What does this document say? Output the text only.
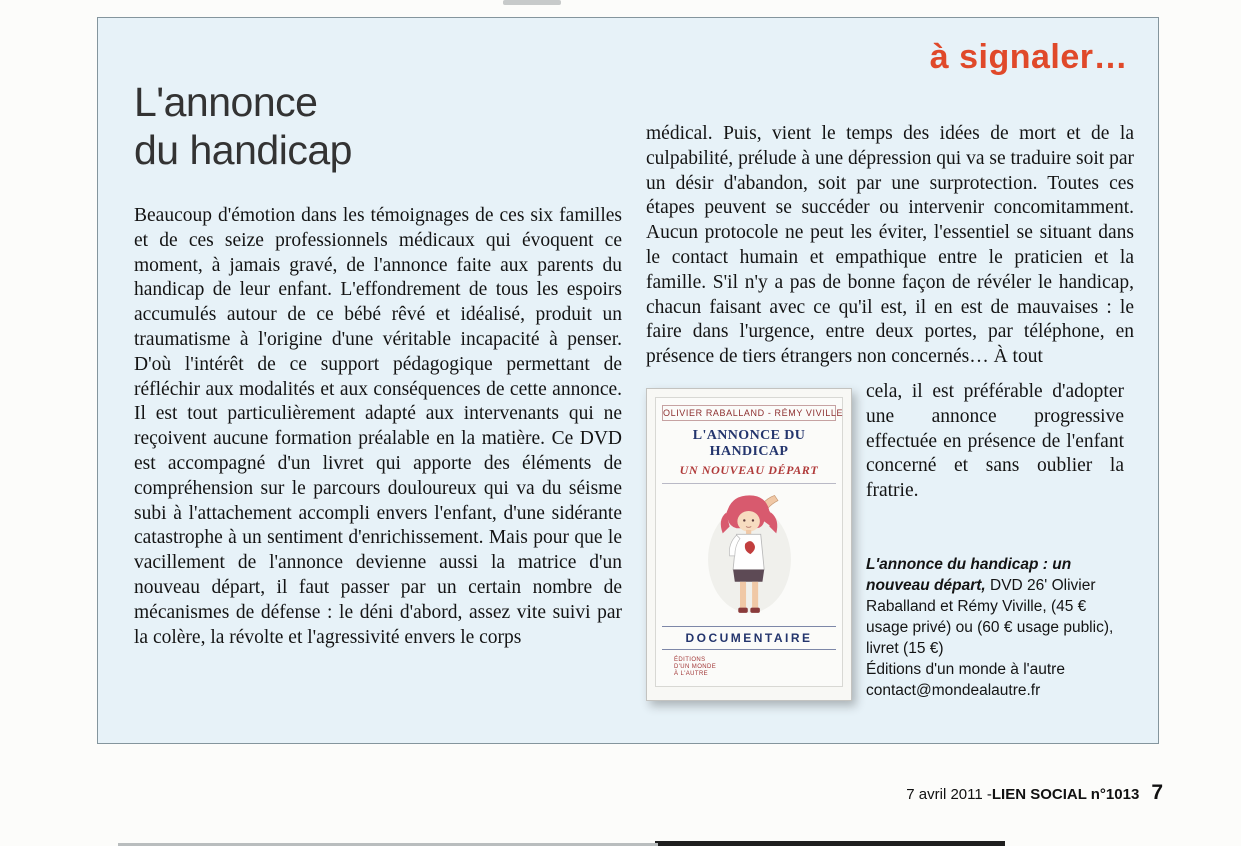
à signaler…
L'annonce
du handicap

Beaucoup d'émotion dans les témoignages de ces six familles et de ces seize professionnels médicaux qui évoquent ce moment, à jamais gravé, de l'annonce faite aux parents du handicap de leur enfant. L'effondrement de tous les espoirs accumulés autour de ce bébé rêvé et idéalisé, produit un traumatisme à l'origine d'une véritable incapacité à penser. D'où l'intérêt de ce support pédagogique permettant de réfléchir aux modalités et aux conséquences de cette annonce. Il est tout particulièrement adapté aux intervenants qui ne reçoivent aucune formation préalable en la matière. Ce DVD est accompagné d'un livret qui apporte des éléments de compréhension sur le parcours douloureux qui va du séisme subi à l'attachement accompli envers l'enfant, d'une sidérante catastrophe à un sentiment d'enrichissement. Mais pour que le vacillement de l'annonce devienne aussi la matrice d'un nouveau départ, il faut passer par un certain nombre de mécanismes de défense : le déni d'abord, assez vite suivi par la colère, la révolte et l'agressivité envers le corps

médical. Puis, vient le temps des idées de mort et de la culpabilité, prélude à une dépression qui va se traduire soit par un désir d'abandon, soit par une surprotection. Toutes ces étapes peuvent se succéder ou intervenir concomitamment. Aucun protocole ne peut les éviter, l'essentiel se situant dans le contact humain et empathique entre le praticien et la famille. S'il n'y a pas de bonne façon de révéler le handicap, chacun faisant avec ce qu'il est, il en est de mauvaises : le faire dans l'urgence, entre deux portes, par téléphone, en présence de tiers étrangers non concernés… À tout

OLIVIER RABALLAND - RÉMY VIVILLE
L'ANNONCE DU HANDICAP
UN NOUVEAU DÉPART
DOCUMENTAIRE
ÉDITIONS
D'UN MONDE
À L'AUTRE

cela, il est préférable d'adopter une annonce progressive effectuée en présence de l'enfant concerné et sans oublier la fratrie.

L'annonce du handicap : un nouveau départ, DVD 26' Olivier Raballand et Rémy Viville, (45 € usage privé) ou (60 € usage public), livret (15 €)
Éditions d'un monde à l'autre
contact@mondealautre.fr
7 avril 2011 - LIEN SOCIAL n°1013 7
